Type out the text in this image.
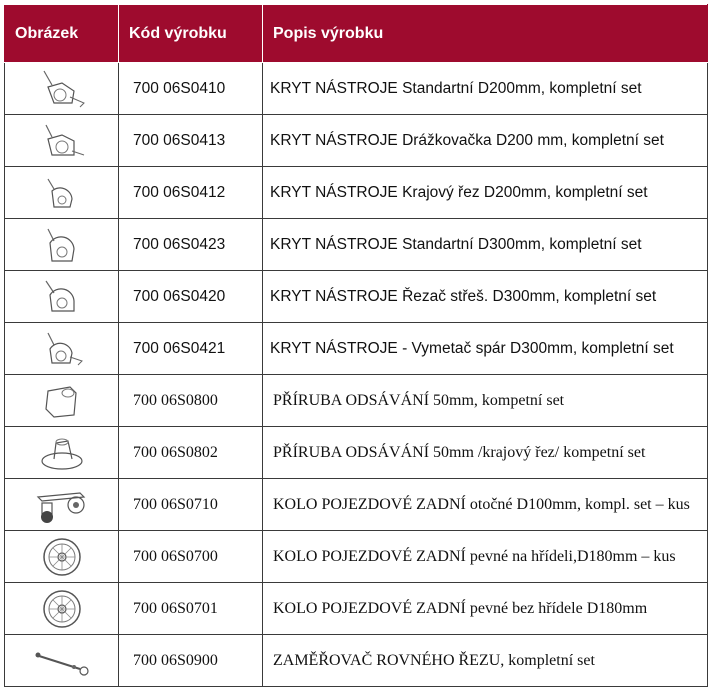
Obrázek	Kód výrobku	Popis výrobku

	700 06S0410	KRYT NÁSTROJE Standartní D200mm, kompletní set

	700 06S0413	KRYT NÁSTROJE Drážkovačka D200 mm, kompletní set

	700 06S0412	KRYT NÁSTROJE Krajový řez D200mm, kompletní set

	700 06S0423	KRYT NÁSTROJE Standartní D300mm, kompletní set

	700 06S0420	KRYT NÁSTROJE Řezač střeš. D300mm, kompletní set

	700 06S0421	KRYT NÁSTROJE - Vymetač spár D300mm, kompletní set

	700 06S0800	PŘÍRUBA ODSÁVÁNÍ 50mm, kompetní set

	700 06S0802	PŘÍRUBA ODSÁVÁNÍ 50mm /krajový řez/ kompetní set

	700 06S0710	KOLO POJEZDOVÉ ZADNÍ otočné D100mm, kompl. set – kus

	700 06S0700	KOLO POJEZDOVÉ ZADNÍ pevné na hřídeli,D180mm – kus

	700 06S0701	KOLO POJEZDOVÉ ZADNÍ pevné bez hřídele D180mm

	700 06S0900	ZAMĚŘOVAČ ROVNÉHO ŘEZU, kompletní set
